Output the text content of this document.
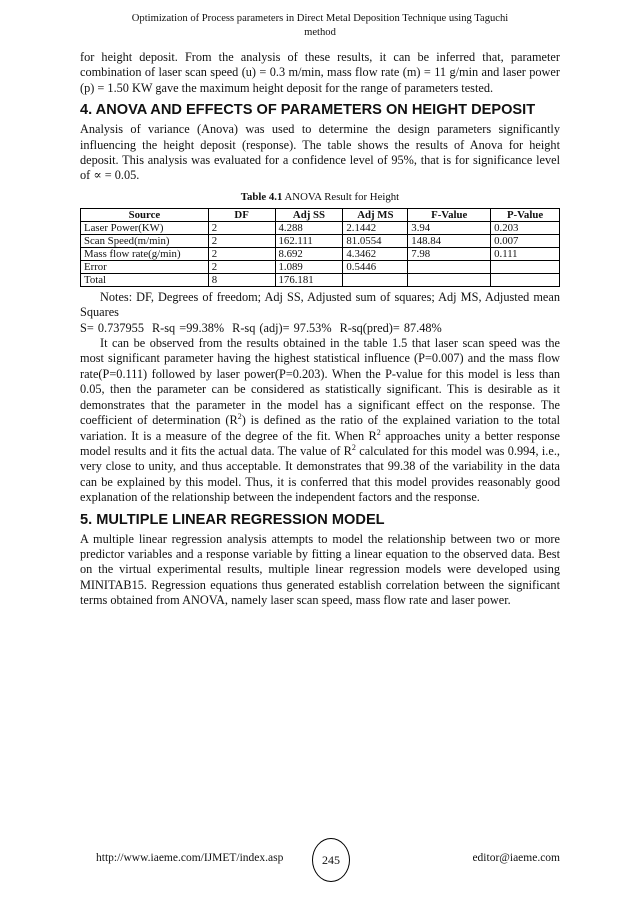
Optimization of Process parameters in Direct Metal Deposition Technique using Taguchi
method

for height deposit. From the analysis of these results, it can be inferred that, parameter combination of laser scan speed (u) = 0.3 m/min, mass flow rate (m) = 11 g/min and laser power (p) = 1.50 KW gave the maximum height deposit for the range of parameters tested.

4. ANOVA AND EFFECTS OF PARAMETERS ON HEIGHT DEPOSIT

Analysis of variance (Anova) was used to determine the design parameters significantly influencing the height deposit (response). The table shows the results of Anova for height deposit. This analysis was evaluated for a confidence level of 95%, that is for significance level of ∝ = 0.05.

Table 4.1 ANOVA Result for Height
Source	DF	Adj SS	Adj MS	F-Value	P-Value
Laser Power(KW)	2	4.288	2.1442	3.94	0.203
Scan Speed(m/min)	2	162.111	81.0554	148.84	0.007
Mass flow rate(g/min)	2	8.692	4.3462	7.98	0.111
Error	2	1.089	0.5446		
Total	8	176.181			

Notes: DF, Degrees of freedom; Adj SS, Adjusted sum of squares; Adj MS, Adjusted mean Squares

S= 0.737955 R-sq =99.38% R-sq (adj)= 97.53% R-sq(pred)= 87.48%

It can be observed from the results obtained in the table 1.5 that laser scan speed was the most significant parameter having the highest statistical influence (P=0.007) and the mass flow rate(P=0.111) followed by laser power(P=0.203). When the P-value for this model is less than 0.05, then the parameter can be considered as statistically significant. This is desirable as it demonstrates that the parameter in the model has a significant effect on the response. The coefficient of determination $(R^2)$ is defined as the ratio of the explained variation to the total variation. It is a measure of the degree of the fit. When $R^2$ approaches unity a better response model results and it fits the actual data. The value of $R^2$ calculated for this model was 0.994, i.e., very close to unity, and thus acceptable. It demonstrates that 99.38 of the variability in the data can be explained by this model. Thus, it is conferred that this model provides reasonably good explanation of the relationship between the independent factors and the response.

5. MULTIPLE LINEAR REGRESSION MODEL

A multiple linear regression analysis attempts to model the relationship between two or more predictor variables and a response variable by fitting a linear equation to the observed data. Best on the virtual experimental results, multiple linear regression models were developed using MINITAB15. Regression equations thus generated establish correlation between the significant terms obtained from ANOVA, namely laser scan speed, mass flow rate and laser power.

http://www.iaeme.com/IJMET/index.asp	245	editor@iaeme.com
